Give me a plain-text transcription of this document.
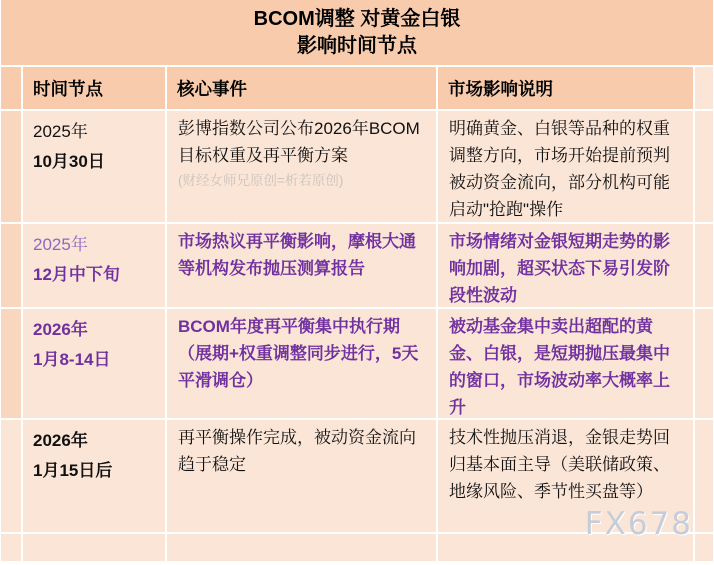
BCOM调整 对黄金白银
影响时间节点
时间节点	核心事件	市场影响说明
2025年
10月30日
彭博指数公司公布2026年BCOM目标权重及再平衡方案
(财经女师兄原创=析若原创)
明确黄金、白银等品种的权重调整方向，市场开始提前预判被动资金流向，部分机构可能启动"抢跑"操作
2025年
12月中下旬
市场热议再平衡影响，摩根大通等机构发布抛压测算报告
市场情绪对金银短期走势的影响加剧，超买状态下易引发阶段性波动
2026年
1月8-14日
BCOM年度再平衡集中执行期（展期+权重调整同步进行，5天平滑调仓）
被动基金集中卖出超配的黄金、白银，是短期抛压最集中的窗口，市场波动率大概率上升
2026年
1月15日后
再平衡操作完成，被动资金流向趋于稳定
技术性抛压消退，金银走势回归基本面主导（美联储政策、地缘风险、季节性买盘等）
FX678
